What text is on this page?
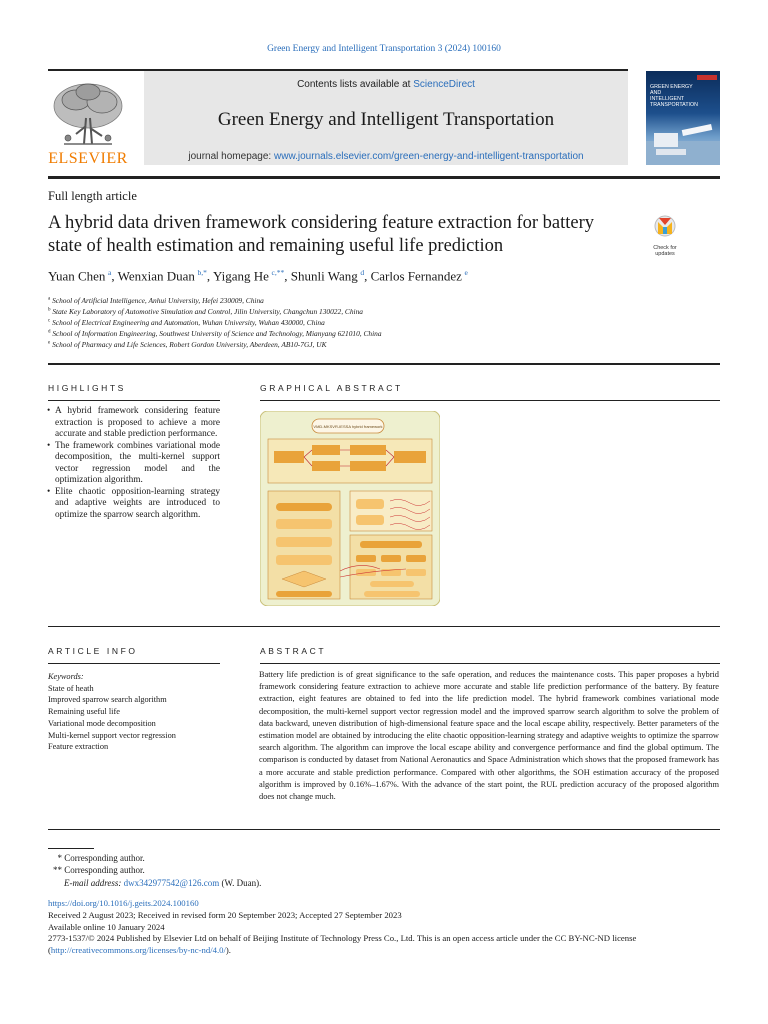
Green Energy and Intelligent Transportation 3 (2024) 100160
ELSEVIER
Contents lists available at ScienceDirect
Green Energy and Intelligent Transportation
journal homepage: www.journals.elsevier.com/green-energy-and-intelligent-transportation
GREEN ENERGY
AND
INTELLIGENT
TRANSPORTATION
Full length article
A hybrid data driven framework considering feature extraction for battery state of health estimation and remaining useful life prediction	Check for
updates
Yuan Chen  $^a$, Wenxian Duan  $^{b,*}$, Yigang He  $^{c,**}$, Shunli Wang  $^d$, Carlos Fernandez  $^e$
$^a$ School of Artificial Intelligence, Anhui University, Hefei 230009, China
$^b$ State Key Laboratory of Automotive Simulation and Control, Jilin University, Changchun 130022, China
$^c$ School of Electrical Engineering and Automation, Wuhan University, Wuhan 430000, China
$^d$ School of Information Engineering, Southwest University of Science and Technology, Mianyang 621010, China
$^e$ School of Pharmacy and Life Sciences, Robert Gordon University, Aberdeen, AB10-7GJ, UK
HIGHLIGHTS
• A hybrid framework considering feature extraction is proposed to achieve a more accurate and stable prediction performance.
• The framework combines variational mode decomposition, the multi-kernel support vector regression model and the optimization algorithm.
• Elite chaotic opposition-learning strategy and adaptive weights are introduced to optimize the sparrow search algorithm.
GRAPHICAL ABSTRACT
VMD-MKSVR-IESSA hybrid framework
ARTICLE INFO
Keywords:
State of heath
Improved sparrow search algorithm
Remaining useful life
Variational mode decomposition
Multi-kernel support vector regression
Feature extraction
ABSTRACT
Battery life prediction is of great significance to the safe operation, and reduces the maintenance costs. This paper proposes a hybrid framework considering feature extraction to achieve more accurate and stable life prediction performance of the battery. By feature extraction, eight features are obtained to fed into the life prediction model. The hybrid framework combines variational mode decomposition, the multi-kernel support vector regression model and the improved sparrow search algorithm to solve the problem of data backward, uneven distribution of high-dimensional feature space and the local escape ability, respectively. Better parameters of the estimation model are obtained by introducing the elite chaotic opposition-learning strategy and adaptive weights to optimize the sparrow search algorithm. The algorithm can improve the local escape ability and convergence performance and find the global optimum. The comparison is conducted by dataset from National Aeronautics and Space Administration which shows that the proposed framework has a more accurate and stable prediction performance. Compared with other algorithms, the SOH estimation accuracy of the proposed algorithm is improved by 0.16%–1.67%. With the advance of the start point, the RUL prediction accuracy of the proposed algorithm does not change much.
* Corresponding author.
** Corresponding author.
E-mail address: dwx342977542@126.com (W. Duan).
https://doi.org/10.1016/j.geits.2024.100160
Received 2 August 2023; Received in revised form 20 September 2023; Accepted 27 September 2023
Available online 10 January 2024
2773-1537/© 2024 Published by Elsevier Ltd on behalf of Beijing Institute of Technology Press Co., Ltd. This is an open access article under the CC BY-NC-ND license
(http://creativecommons.org/licenses/by-nc-nd/4.0/).
